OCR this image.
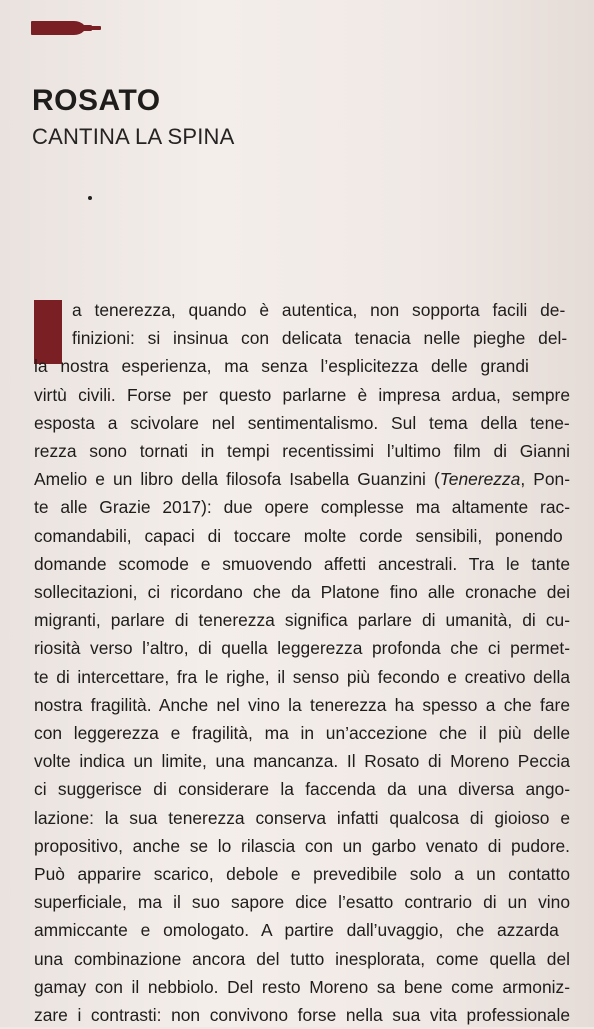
ROSATO
CANTINA LA SPINA
a tenerezza, quando è autentica, non sopporta facili de-
finizioni: si insinua con delicata tenacia nelle pieghe del-
la nostra esperienza, ma senza l’esplicitezza delle grandi
virtù civili. Forse per questo parlarne è impresa ardua, sempre
esposta a scivolare nel sentimentalismo. Sul tema della tene-
rezza sono tornati in tempi recentissimi l’ultimo film di Gianni
Amelio e un libro della filosofa Isabella Guanzini (Tenerezza, Pon-
te alle Grazie 2017): due opere complesse ma altamente rac-
comandabili, capaci di toccare molte corde sensibili, ponendo
domande scomode e smuovendo affetti ancestrali. Tra le tante
sollecitazioni, ci ricordano che da Platone fino alle cronache dei
migranti, parlare di tenerezza significa parlare di umanità, di cu-
riosità verso l’altro, di quella leggerezza profonda che ci permet-
te di intercettare, fra le righe, il senso più fecondo e creativo della
nostra fragilità. Anche nel vino la tenerezza ha spesso a che fare
con leggerezza e fragilità, ma in un’accezione che il più delle
volte indica un limite, una mancanza. Il Rosato di Moreno Peccia
ci suggerisce di considerare la faccenda da una diversa ango-
lazione: la sua tenerezza conserva infatti qualcosa di gioioso e
propositivo, anche se lo rilascia con un garbo venato di pudore.
Può apparire scarico, debole e prevedibile solo a un contatto
superficiale, ma il suo sapore dice l’esatto contrario di un vino
ammiccante e omologato. A partire dall’uvaggio, che azzarda
una combinazione ancora del tutto inesplorata, come quella del
gamay con il nebbiolo. Del resto Moreno sa bene come armoniz-
zare i contrasti: non convivono forse nella sua vita professionale
